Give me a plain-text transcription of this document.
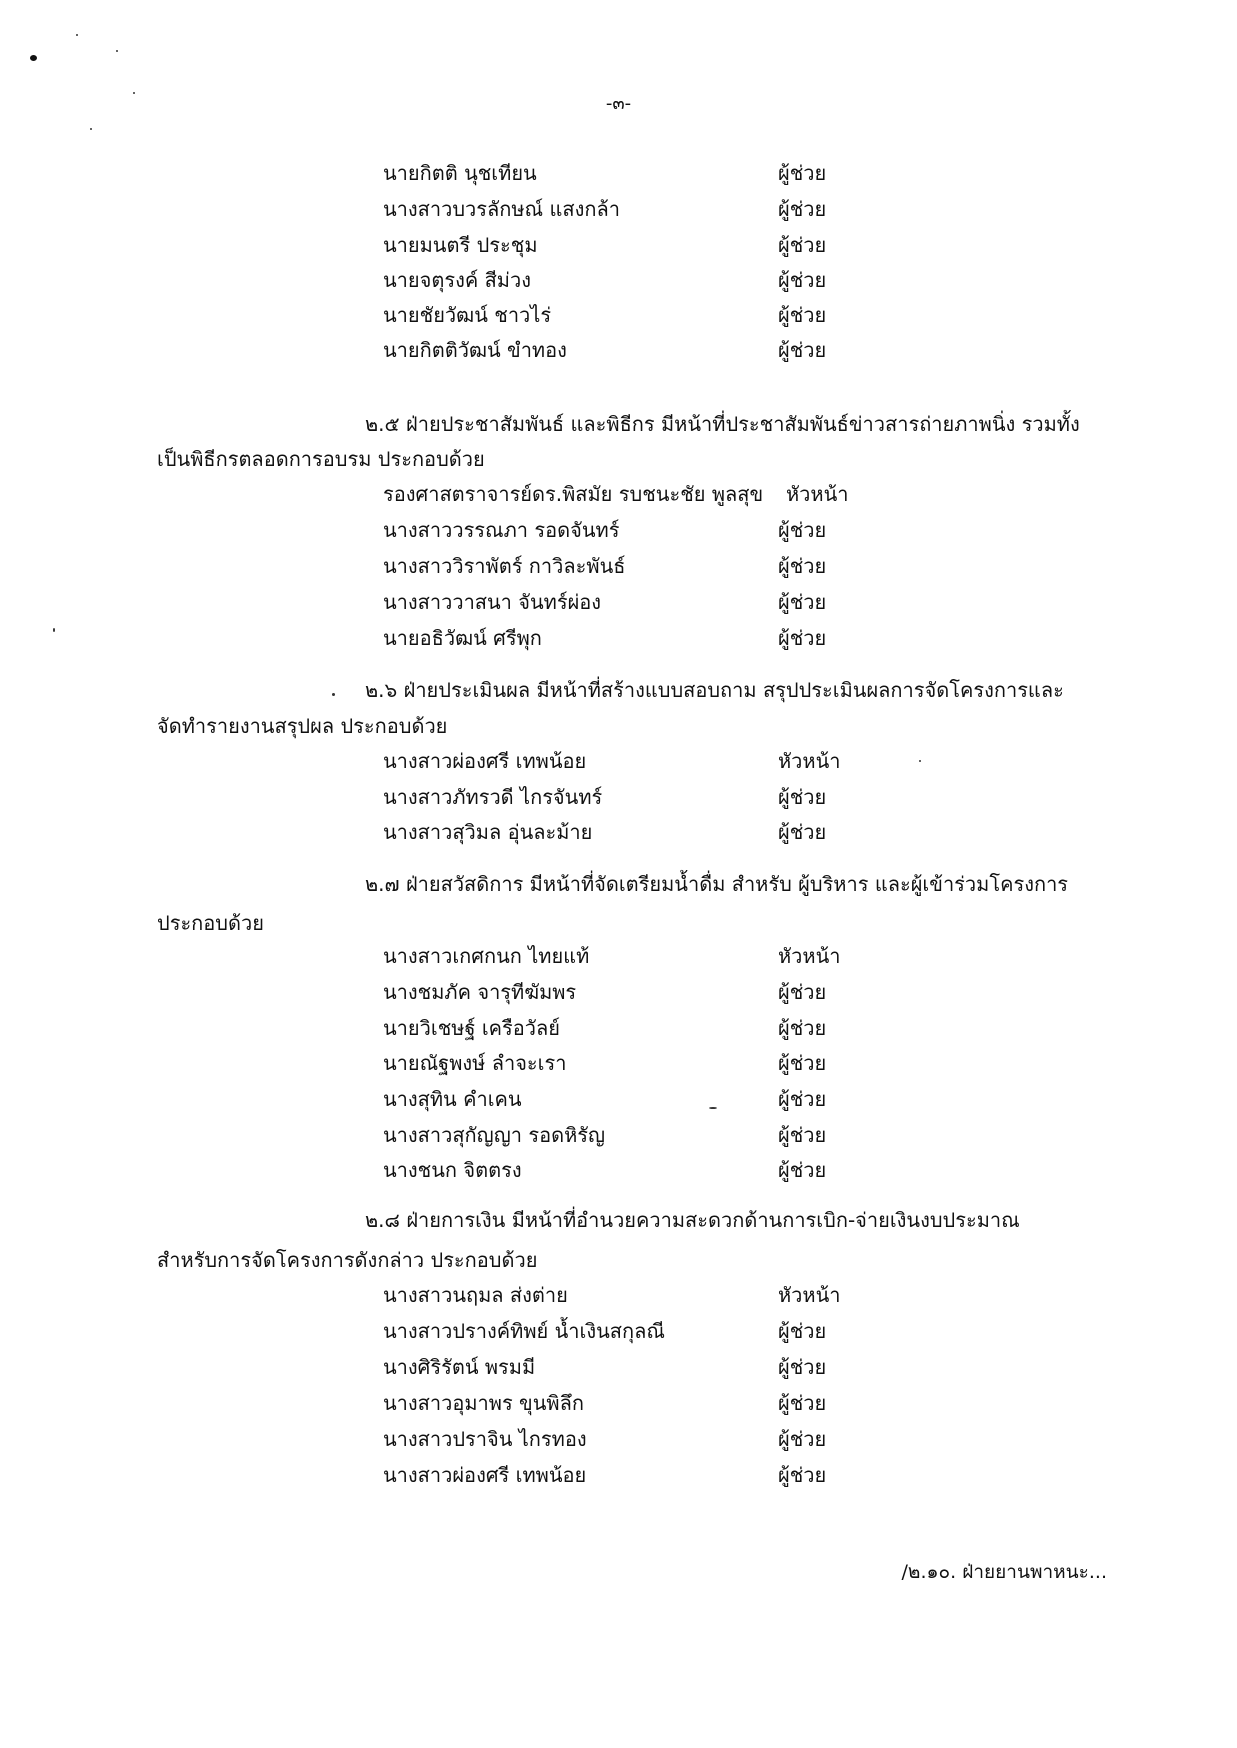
-๓-
นายกิตติ นุชเทียน	ผู้ช่วย
นางสาวบวรลักษณ์ แสงกล้า	ผู้ช่วย
นายมนตรี ประชุม	ผู้ช่วย
นายจตุรงค์ สีม่วง	ผู้ช่วย
นายชัยวัฒน์ ชาวไร่	ผู้ช่วย
นายกิตติวัฒน์ ขำทอง	ผู้ช่วย
๒.๕ ฝ่ายประชาสัมพันธ์ และพิธีกร มีหน้าที่ประชาสัมพันธ์ข่าวสารถ่ายภาพนิ่ง รวมทั้ง
เป็นพิธีกรตลอดการอบรม ประกอบด้วย
รองศาสตราจารย์ดร.พิสมัย รบชนะชัย พูลสุข หัวหน้า
นางสาววรรณภา รอดจันทร์	ผู้ช่วย
นางสาววิราพัตร์ กาวิละพันธ์	ผู้ช่วย
นางสาววาสนา จันทร์ผ่อง	ผู้ช่วย
นายอธิวัฒน์ ศรีพุก	ผู้ช่วย
๒.๖ ฝ่ายประเมินผล มีหน้าที่สร้างแบบสอบถาม สรุปประเมินผลการจัดโครงการและ
จัดทำรายงานสรุปผล ประกอบด้วย
นางสาวผ่องศรี เทพน้อย	หัวหน้า
นางสาวภัทรวดี ไกรจันทร์	ผู้ช่วย
นางสาวสุวิมล อุ่นละม้าย	ผู้ช่วย
๒.๗ ฝ่ายสวัสดิการ มีหน้าที่จัดเตรียมน้ำดื่ม สำหรับ ผู้บริหาร และผู้เข้าร่วมโครงการ
ประกอบด้วย
นางสาวเกศกนก ไทยแท้	หัวหน้า
นางชมภัค จารุทีฆัมพร	ผู้ช่วย
นายวิเชษฐ์ เครือวัลย์	ผู้ช่วย
นายณัฐพงษ์ ลำจะเรา	ผู้ช่วย
นางสุทิน คำเคน	ผู้ช่วย
นางสาวสุกัญญา รอดหิรัญ	ผู้ช่วย
นางชนก จิตตรง	ผู้ช่วย
๒.๘ ฝ่ายการเงิน มีหน้าที่อำนวยความสะดวกด้านการเบิก-จ่ายเงินงบประมาณ
สำหรับการจัดโครงการดังกล่าว ประกอบด้วย
นางสาวนฤมล ส่งต่าย	หัวหน้า
นางสาวปรางค์ทิพย์ น้ำเงินสกุลณี	ผู้ช่วย
นางศิริรัตน์ พรมมี	ผู้ช่วย
นางสาวอุมาพร ขุนพิลึก	ผู้ช่วย
นางสาวปราจิน ไกรทอง	ผู้ช่วย
นางสาวผ่องศรี เทพน้อย	ผู้ช่วย
/๒.๑๐. ฝ่ายยานพาหนะ...
